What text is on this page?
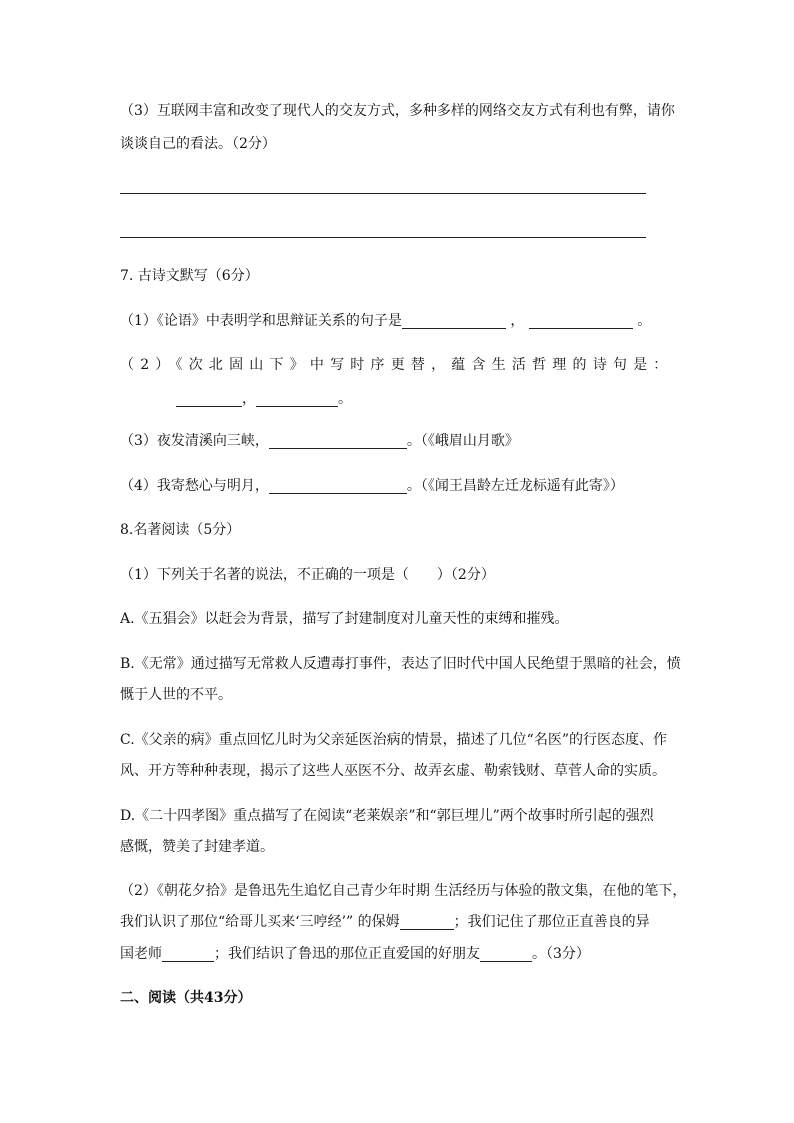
（3）互联网丰富和改变了现代人的交友方式，多种多样的网络交友方式有利也有弊，请你
谈谈自己的看法。（2分）
7. 古诗文默写（6分）
（1）《论语》中表明学和思辩证关系的句子是	，	。
（2）《次北固山下》中写时序更替，蕴含生活哲理的诗句是：
，	。
（3）夜发清溪向三峡，	。（《峨眉山月歌》
（4）我寄愁心与明月，	。（《闻王昌龄左迁龙标遥有此寄》）
8.名著阅读（5分）
（1）下列关于名著的说法，不正确的一项是（　　）（2分）
A.《五猖会》以赶会为背景，描写了封建制度对儿童天性的束缚和摧残。
B.《无常》通过描写无常救人反遭毒打事件，表达了旧时代中国人民绝望于黑暗的社会，愤
慨于人世的不平。
C.《父亲的病》重点回忆儿时为父亲延医治病的情景，描述了几位“名医”的行医态度、作
风、开方等种种表现，揭示了这些人巫医不分、故弄玄虚、勒索钱财、草菅人命的实质。
D.《二十四孝图》重点描写了在阅读“老莱娱亲”和“郭巨埋儿”两个故事时所引起的强烈
感慨，赞美了封建孝道。
（2）《朝花夕拾》是鲁迅先生追忆自己青少年时期 生活经历与体验的散文集，在他的笔下，
我们认识了那位“给哥儿买来‘三哼经’” 的保姆	；我们记住了那位正直善良的异
国老师	；我们结识了鲁迅的那位正直爱国的好朋友	。（3分）
二、阅读（共43分）
